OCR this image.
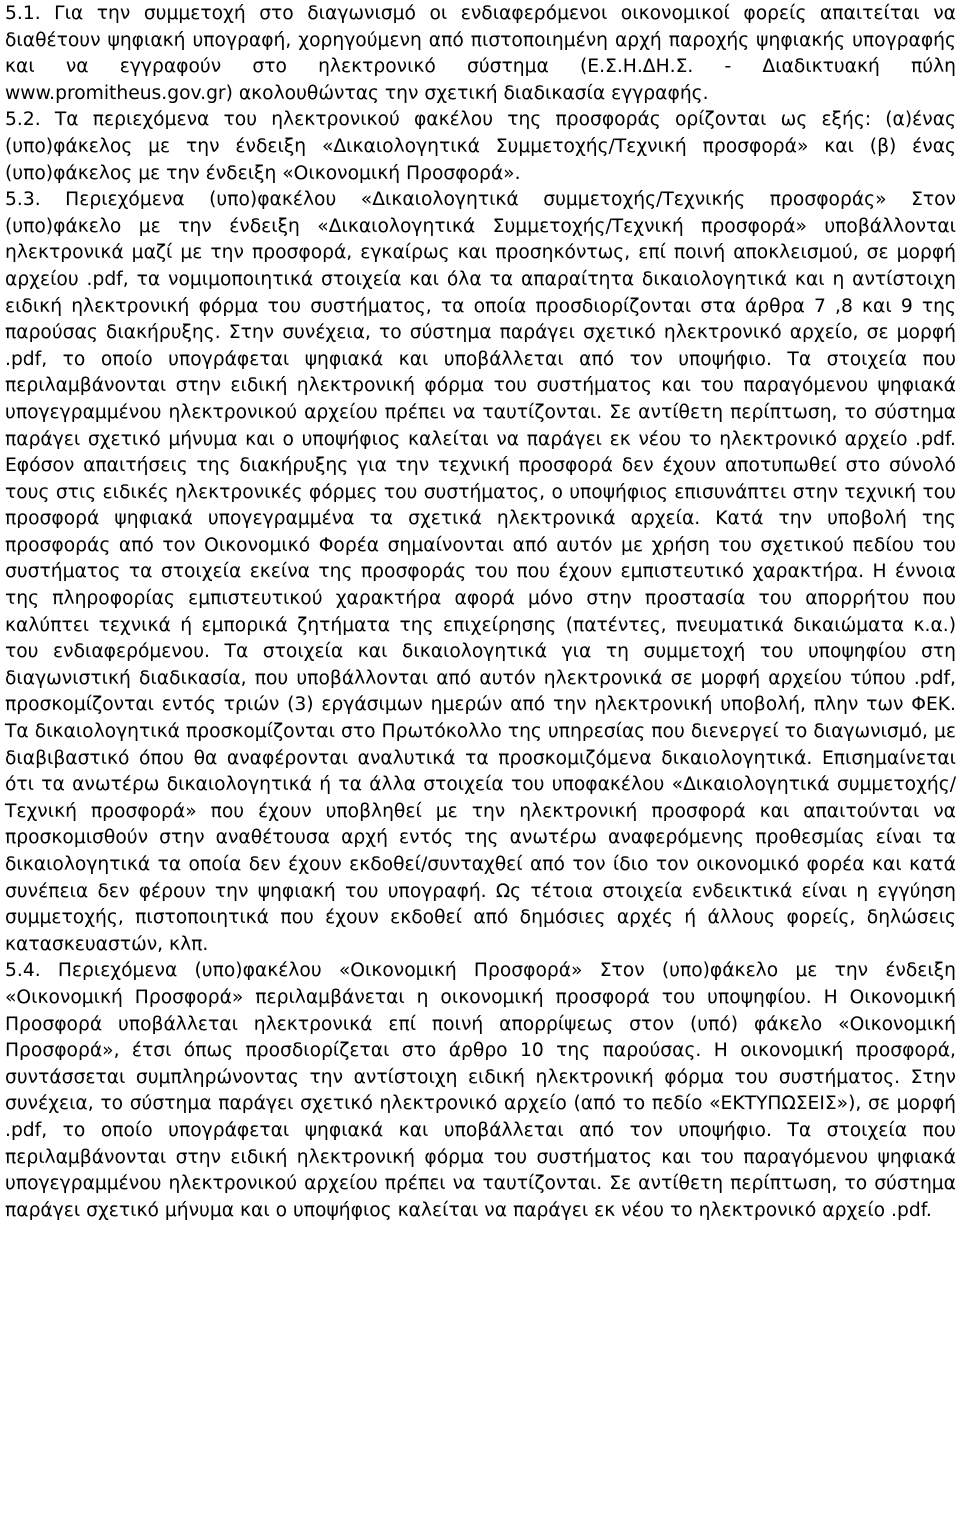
5.1. Για την συμμετοχή στο διαγωνισμό οι ενδιαφερόμενοι οικονομικοί φορείς απαιτείται να διαθέτουν ψηφιακή υπογραφή, χορηγούμενη από πιστοποιημένη αρχή παροχής ψηφιακής υπογραφής και να εγγραφούν στο ηλεκτρονικό σύστημα (Ε.Σ.Η.ΔΗ.Σ. - Διαδικτυακή πύλη www.promitheus.gov.gr) ακολουθώντας την σχετική διαδικασία εγγραφής.

5.2. Τα περιεχόμενα του ηλεκτρονικού φακέλου της προσφοράς ορίζονται ως εξής: (α)ένας (υπο)φάκελος με την ένδειξη «Δικαιολογητικά Συμμετοχής/Τεχνική προσφορά» και (β) ένας (υπο)φάκελος με την ένδειξη «Οικονομική Προσφορά».

5.3. Περιεχόμενα (υπο)φακέλου «Δικαιολογητικά συμμετοχής/Τεχνικής προσφοράς» Στον (υπο)φάκελο με την ένδειξη «Δικαιολογητικά Συμμετοχής/Τεχνική προσφορά» υποβάλλονται ηλεκτρονικά μαζί με την προσφορά, εγκαίρως και προσηκόντως, επί ποινή αποκλεισμού, σε μορφή αρχείου .pdf, τα νομιμοποιητικά στοιχεία και όλα τα απαραίτητα δικαιολογητικά και η αντίστοιχη ειδική ηλεκτρονική φόρμα του συστήματος, τα οποία προσδιορίζονται στα άρθρα 7 ,8 και 9 της παρούσας διακήρυξης. Στην συνέχεια, το σύστημα παράγει σχετικό ηλεκτρονικό αρχείο, σε μορφή .pdf, το οποίο υπογράφεται ψηφιακά και υποβάλλεται από τον υποψήφιο. Τα στοιχεία που περιλαμβάνονται στην ειδική ηλεκτρονική φόρμα του συστήματος και του παραγόμενου ψηφιακά υπογεγραμμένου ηλεκτρονικού αρχείου πρέπει να ταυτίζονται. Σε αντίθετη περίπτωση, το σύστημα παράγει σχετικό μήνυμα και ο υποψήφιος καλείται να παράγει εκ νέου το ηλεκτρονικό αρχείο .pdf. Εφόσον απαιτήσεις της διακήρυξης για την τεχνική προσφορά δεν έχουν αποτυπωθεί στο σύνολό τους στις ειδικές ηλεκτρονικές φόρμες του συστήματος, ο υποψήφιος επισυνάπτει στην τεχνική του προσφορά ψηφιακά υπογεγραμμένα τα σχετικά ηλεκτρονικά αρχεία. Κατά την υποβολή της προσφοράς από τον Οικονομικό Φορέα σημαίνονται από αυτόν με χρήση του σχετικού πεδίου του συστήματος τα στοιχεία εκείνα της προσφοράς του που έχουν εμπιστευτικό χαρακτήρα. Η έννοια της πληροφορίας εμπιστευτικού χαρακτήρα αφορά μόνο στην προστασία του απορρήτου που καλύπτει τεχνικά ή εμπορικά ζητήματα της επιχείρησης (πατέντες, πνευματικά δικαιώματα κ.α.) του ενδιαφερόμενου. Τα στοιχεία και δικαιολογητικά για τη συμμετοχή του υποψηφίου στη διαγωνιστική διαδικασία, που υποβάλλονται από αυτόν ηλεκτρονικά σε μορφή αρχείου τύπου .pdf, προσκομίζονται εντός τριών (3) εργάσιμων ημερών από την ηλεκτρονική υποβολή, πλην των ΦΕΚ. Τα δικαιολογητικά προσκομίζονται στο Πρωτόκολλο της υπηρεσίας που διενεργεί το διαγωνισμό, με διαβιβαστικό όπου θα αναφέρονται αναλυτικά τα προσκομιζόμενα δικαιολογητικά. Επισημαίνεται ότι τα ανωτέρω δικαιολογητικά ή τα άλλα στοιχεία του υποφακέλου «Δικαιολογητικά συμμετοχής/ Τεχνική προσφορά» που έχουν υποβληθεί με την ηλεκτρονική προσφορά και απαιτούνται να προσκομισθούν στην αναθέτουσα αρχή εντός της ανωτέρω αναφερόμενης προθεσμίας είναι τα δικαιολογητικά τα οποία δεν έχουν εκδοθεί/συνταχθεί από τον ίδιο τον οικονομικό φορέα και κατά συνέπεια δεν φέρουν την ψηφιακή του υπογραφή. Ως τέτοια στοιχεία ενδεικτικά είναι η εγγύηση συμμετοχής, πιστοποιητικά που έχουν εκδοθεί από δημόσιες αρχές ή άλλους φορείς, δηλώσεις κατασκευαστών, κλπ.

5.4. Περιεχόμενα (υπο)φακέλου «Οικονομική Προσφορά» Στον (υπο)φάκελο με την ένδειξη «Οικονομική Προσφορά» περιλαμβάνεται η οικονομική προσφορά του υποψηφίου. Η Οικονομική Προσφορά υποβάλλεται ηλεκτρονικά επί ποινή απορρίψεως στον (υπό) φάκελο «Οικονομική Προσφορά», έτσι όπως προσδιορίζεται στο άρθρο 10 της παρούσας. Η οικονομική προσφορά, συντάσσεται συμπληρώνοντας την αντίστοιχη ειδική ηλεκτρονική φόρμα του συστήματος. Στην συνέχεια, το σύστημα παράγει σχετικό ηλεκτρονικό αρχείο (από το πεδίο «ΕΚΤΥΠΩΣΕΙΣ»), σε μορφή .pdf, το οποίο υπογράφεται ψηφιακά και υποβάλλεται από τον υποψήφιο. Τα στοιχεία που περιλαμβάνονται στην ειδική ηλεκτρονική φόρμα του συστήματος και του παραγόμενου ψηφιακά υπογεγραμμένου ηλεκτρονικού αρχείου πρέπει να ταυτίζονται. Σε αντίθετη περίπτωση, το σύστημα παράγει σχετικό μήνυμα και ο υποψήφιος καλείται να παράγει εκ νέου το ηλεκτρονικό αρχείο .pdf.
